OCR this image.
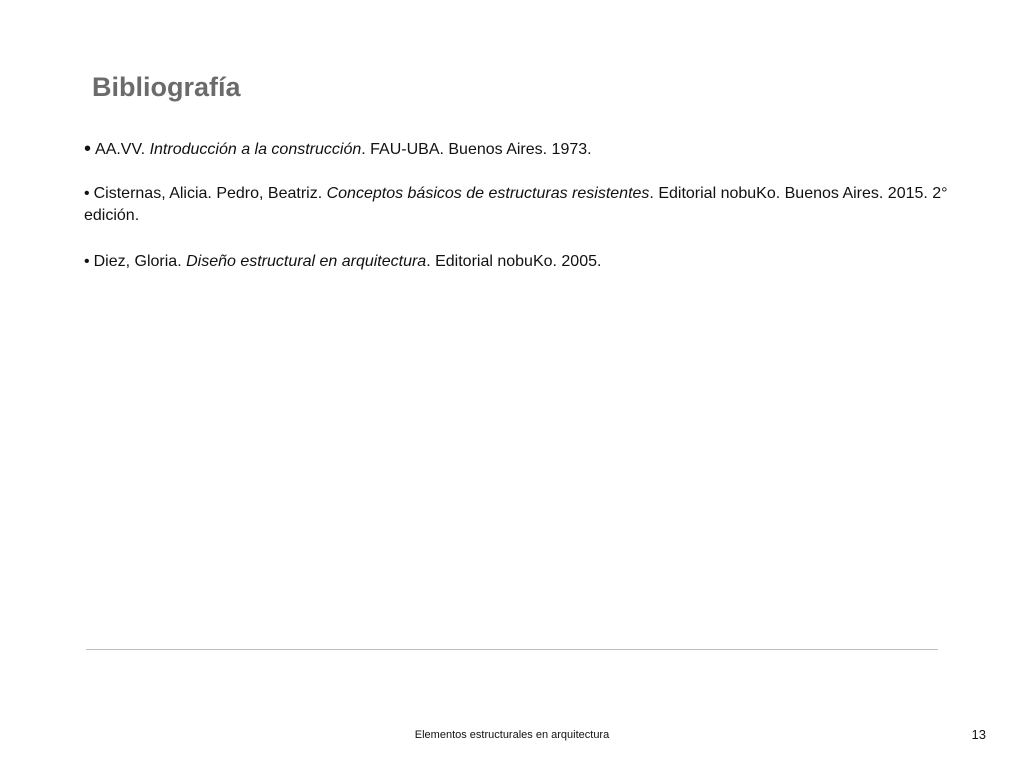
Bibliografía
• AA.VV. Introducción a la construcción. FAU-UBA. Buenos Aires. 1973.
• Cisternas, Alicia. Pedro, Beatriz. Conceptos básicos de estructuras resistentes. Editorial nobuKo. Buenos Aires. 2015. 2° edición.
• Diez, Gloria. Diseño estructural en arquitectura. Editorial nobuKo. 2005.
Elementos estructurales en arquitectura	13
